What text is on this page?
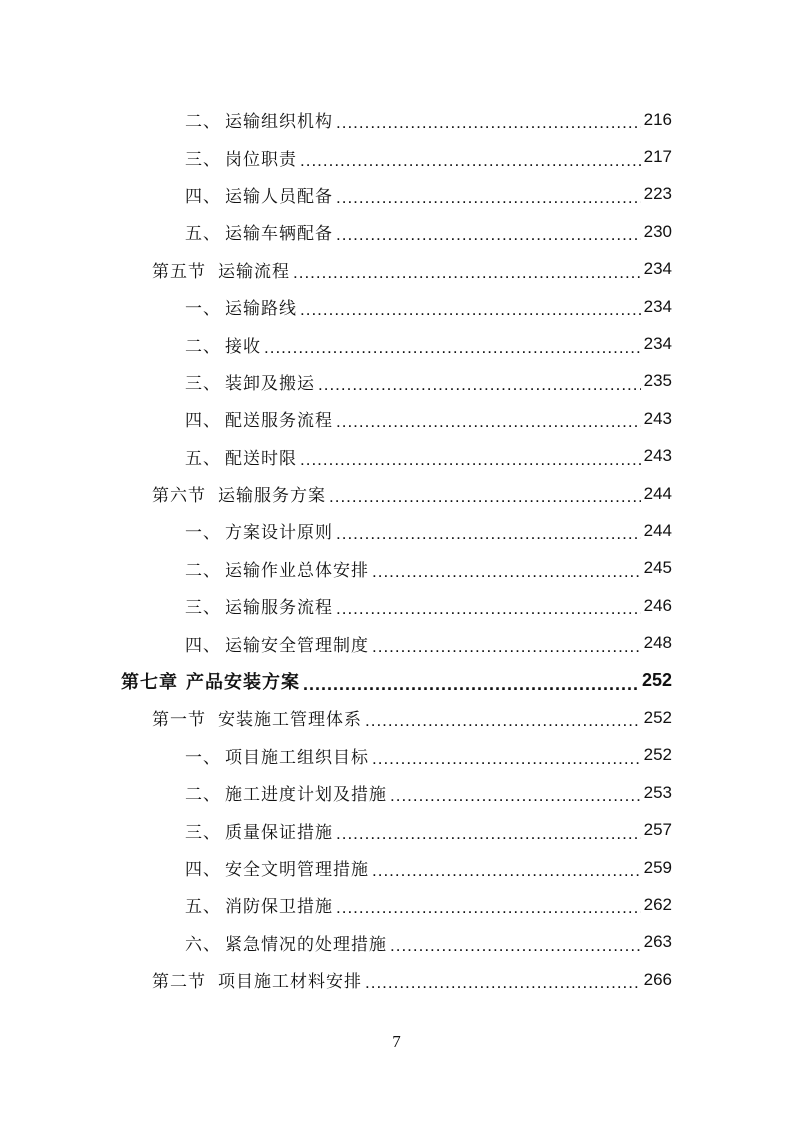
二、 运输组织机构 .....	216
三、 岗位职责 .....	217
四、 运输人员配备 .....	223
五、 运输车辆配备 .....	230
第五节 运输流程 .....	234
一、 运输路线 .....	234
二、 接收 .....	234
三、 装卸及搬运 .....	235
四、 配送服务流程 .....	243
五、 配送时限 .....	243
第六节 运输服务方案 .....	244
一、 方案设计原则 .....	244
二、 运输作业总体安排 .....	245
三、 运输服务流程 .....	246
四、 运输安全管理制度 .....	248
第七章 产品安装方案 .....	252
第一节 安装施工管理体系 .....	252
一、 项目施工组织目标 .....	252
二、 施工进度计划及措施 .....	253
三、 质量保证措施 .....	257
四、 安全文明管理措施 .....	259
五、 消防保卫措施 .....	262
六、 紧急情况的处理措施 .....	263
第二节 项目施工材料安排 .....	266
7
